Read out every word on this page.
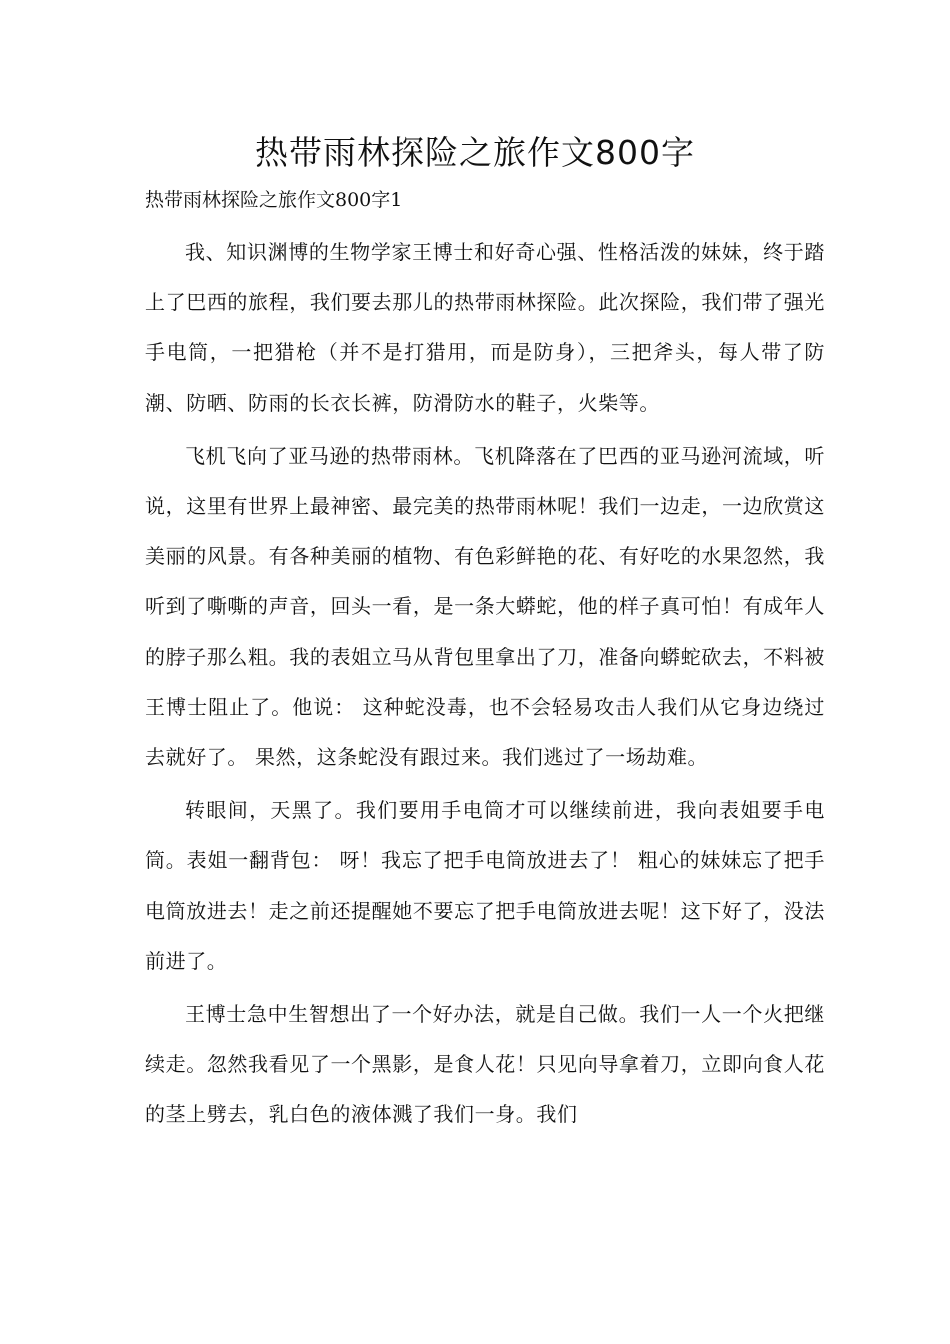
热带雨林探险之旅作文800字

热带雨林探险之旅作文800字1

我、知识渊博的生物学家王博士和好奇心强、性格活泼的妹妹，终于踏上了巴西的旅程，我们要去那儿的热带雨林探险。此次探险，我们带了强光手电筒，一把猎枪（并不是打猎用，而是防身），三把斧头，每人带了防潮、防晒、防雨的长衣长裤，防滑防水的鞋子，火柴等。

飞机飞向了亚马逊的热带雨林。飞机降落在了巴西的亚马逊河流域，听说，这里有世界上最神密、最完美的热带雨林呢！我们一边走，一边欣赏这美丽的风景。有各种美丽的植物、有色彩鲜艳的花、有好吃的水果忽然，我听到了嘶嘶的声音，回头一看，是一条大蟒蛇，他的样子真可怕！有成年人的脖子那么粗。我的表姐立马从背包里拿出了刀，准备向蟒蛇砍去，不料被王博士阻止了。他说： 这种蛇没毒，也不会轻易攻击人我们从它身边绕过去就好了。 果然，这条蛇没有跟过来。我们逃过了一场劫难。

转眼间，天黑了。我们要用手电筒才可以继续前进，我向表姐要手电筒。表姐一翻背包： 呀！我忘了把手电筒放进去了！ 粗心的妹妹忘了把手电筒放进去！走之前还提醒她不要忘了把手电筒放进去呢！这下好了，没法前进了。

王博士急中生智想出了一个好办法，就是自己做。我们一人一个火把继续走。忽然我看见了一个黑影，是食人花！只见向导拿着刀，立即向食人花的茎上劈去，乳白色的液体溅了我们一身。我们
